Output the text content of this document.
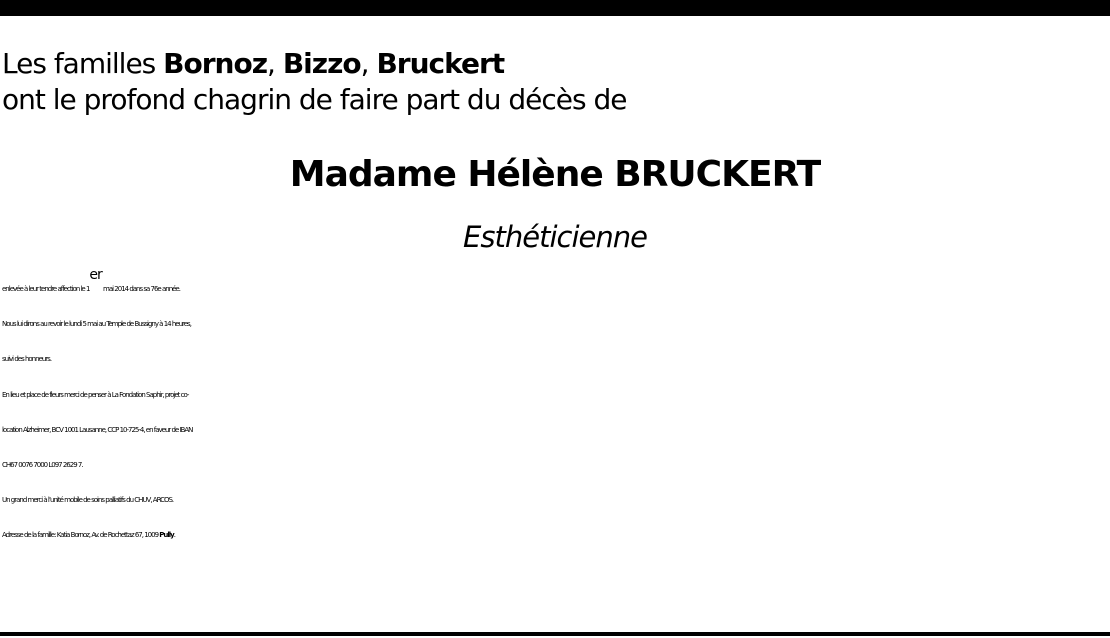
Les familles Bornoz, Bizzo, Bruckert
ont le profond chagrin de faire part du décès de
Madame Hélène BRUCKERT
Esthéticienne

enlevée à leur tendre affection le 1er mai 2014 dans sa 76e année.

Nous lui dirons au revoir le lundi 5 mai au Temple de Bussigny à 14 heures,

suivi des honneurs.

En lieu et place de fleurs merci de penser à La Fondation Saphir, projet co-

location Alzheimer, BCV 1001 Lausanne, CCP 10-725-4, en faveur de IBAN

CH67 0076 7000 L097 2629 7.

Un grand merci à l’unité mobile de soins palliatifs du CHUV, ARCOS.

Adresse de la famille: Katia Bornoz, Av. de Rochettaz 67, 1009 Pully.
